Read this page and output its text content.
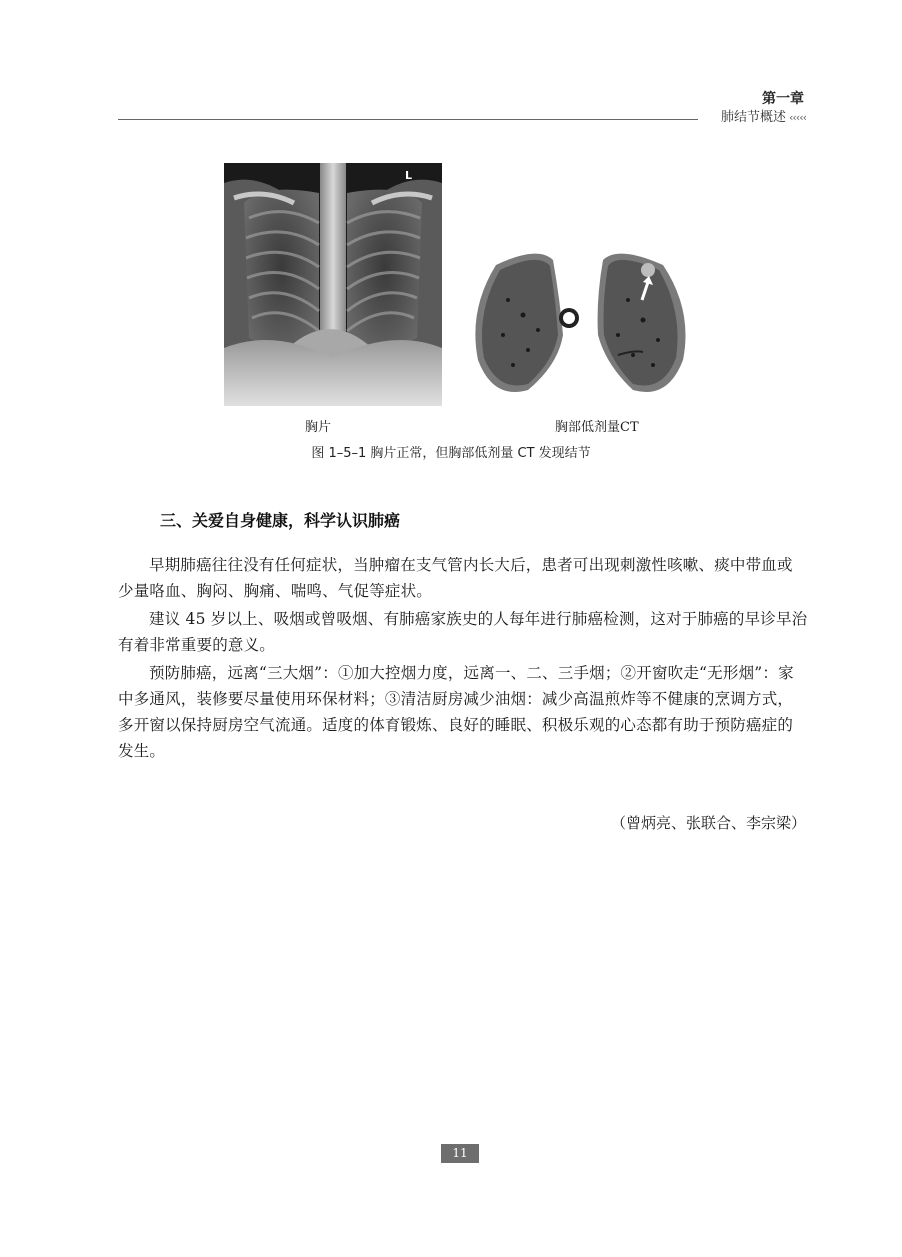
第一章
肺结节概述 ‹‹‹‹‹
L
胸片	胸部低剂量CT
图 1–5–1 胸片正常，但胸部低剂量 CT 发现结节
三、关爱自身健康，科学认识肺癌

早期肺癌往往没有任何症状，当肿瘤在支气管内长大后，患者可出现刺激性咳嗽、痰中带血或少量咯血、胸闷、胸痛、喘鸣、气促等症状。

建议 45 岁以上、吸烟或曾吸烟、有肺癌家族史的人每年进行肺癌检测，这对于肺癌的早诊早治有着非常重要的意义。

预防肺癌，远离“三大烟”：①加大控烟力度，远离一、二、三手烟；②开窗吹走“无形烟”：家中多通风，装修要尽量使用环保材料；③清洁厨房减少油烟：减少高温煎炸等不健康的烹调方式，多开窗以保持厨房空气流通。适度的体育锻炼、良好的睡眠、积极乐观的心态都有助于预防癌症的发生。

（曾炳亮、张联合、李宗梁）
11
